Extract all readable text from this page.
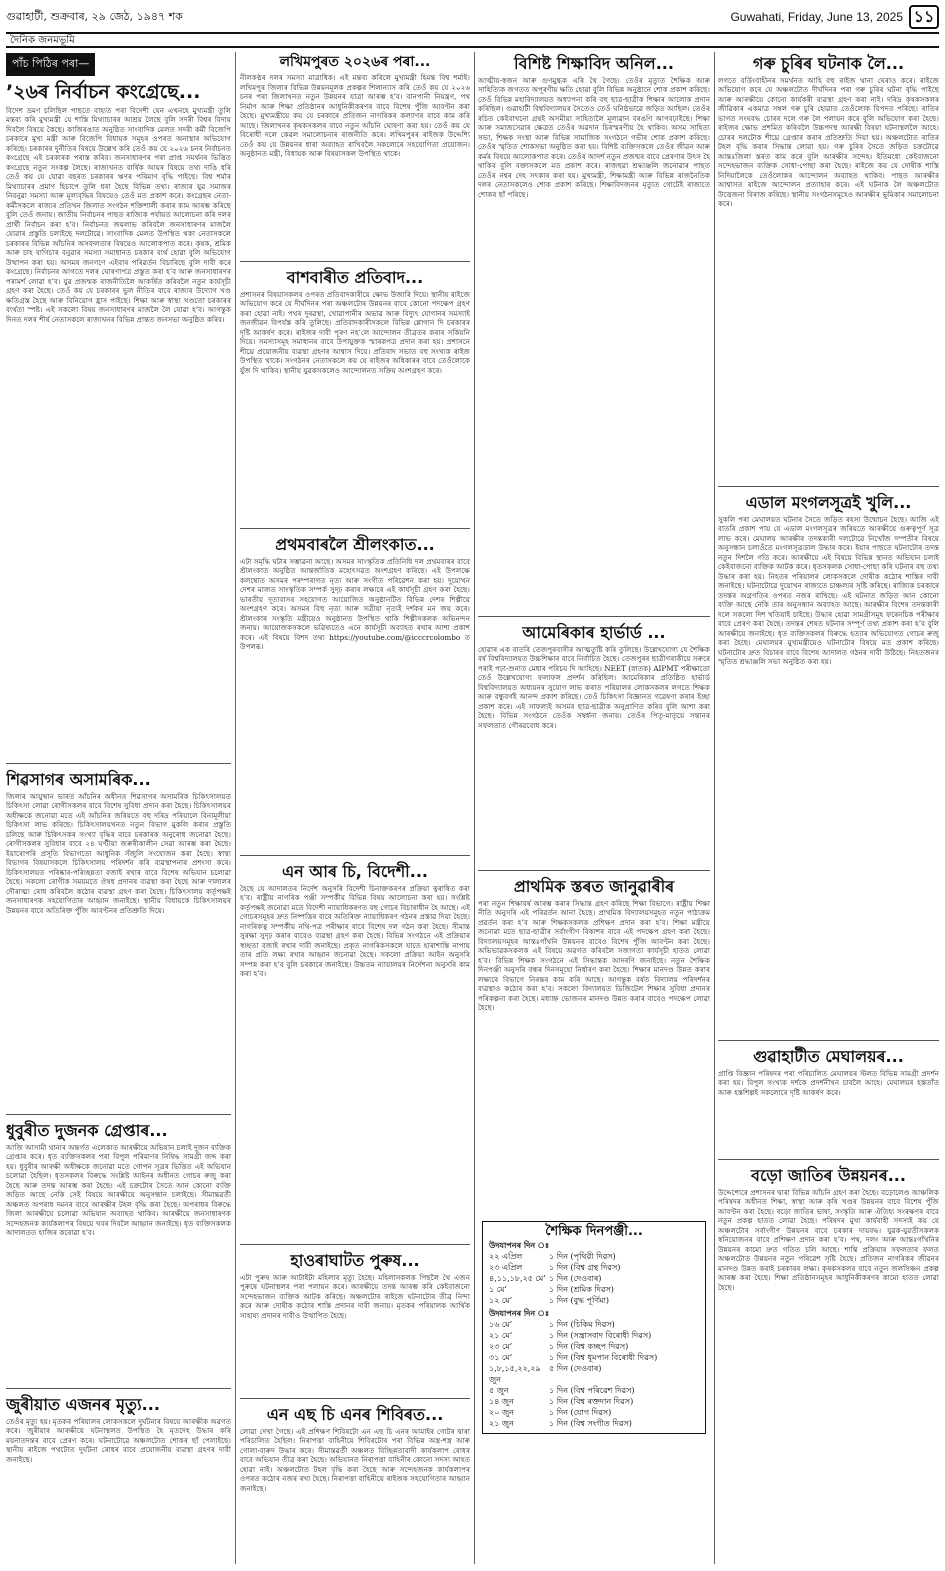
গুৱাহাটী, শুক্ৰবাৰ, ২৯ জেঠ, ১৯৪৭ শক	Guwahati, Friday, June 13, 2025 ১১
দৈনিক জনমভূমি
পাঁচ পিঠিৰ পৰা—
’২৬ৰ নিৰ্বাচন কংগ্ৰেছে...
বিদেশ ভ্ৰমণ চলিছিল পাছতে বাহ্যত পৰা বিদেশী যেন এখনহে মুখ্যমন্ত্ৰী তুলি মন্তব্য কৰি মুখ্যমন্ত্ৰী যে শাস্তি মিথ্যাচাৰৰ আশ্ৰয় লৈছে বুলি সদৰী বিশ্বৰ বিদায় দিবলৈ বিষয়ে কৈছে। কাজিৰঙাত অনুষ্ঠিত সাংবাদিক মেলত সদৰী কৰ্মী বিজেপি চৰকাৰে মুখ্য মন্ত্ৰী আৰু বিজেপি বিধায়ক সমূহৰ ওপৰত অনাস্থাৰ অভিযোগ কৰিছে। চৰকাৰৰ দুৰ্নীতিৰ বিষয়ে উল্লেখ কৰি তেওঁ কয় যে ২০২৬ চনৰ নিৰ্বাচনত কংগ্ৰেছে এই চৰকাৰক পৰাস্ত কৰিব। জনসাধাৰণৰ পৰা প্ৰাপ্ত সমৰ্থনৰ ভিত্তিত কংগ্ৰেছে নতুন সংকল্প লৈছে। ৰাজ্যখনত বাৰ্ষিক আয়ৰ বিষয়ে তথ্য দাঙি ধৰি তেওঁ কয় যে যোৱা বছৰত চৰকাৰৰ ঋণৰ পৰিমাণ বৃদ্ধি পাইছে। বিশ্ব শৰ্মাৰ মিথ্যাচাৰৰ প্ৰমাণ হিচাপে তুলি ধৰা হৈছে বিভিন্ন তথ্য। ৰাজ্যৰ যুৱ সমাজৰ নিবনুৱা সমস্যা আৰু মূল্যবৃদ্ধিৰ বিষয়েও তেওঁ মত প্ৰকাশ কৰে। কংগ্ৰেছৰ নেতা-কৰ্মীসকলে ৰাজ্যৰ প্ৰতিখন জিলাত সংগঠন শক্তিশালী কৰাৰ কাম আৰম্ভ কৰিছে বুলি তেওঁ জনায়। জাতীয় নিৰ্বাচনৰ পাছত ৰাজ্যিক পৰ্যায়ত আলোচনা কৰি দলৰ প্ৰাৰ্থী নিৰ্বাচন কৰা হ’ব। নিৰ্বাচনত জয়লাভ কৰিবলৈ জনসাধাৰণৰ মাজলৈ যোৱাৰ প্ৰস্তুতি চলাইছে দলটোৱে। সাংবাদিক মেলত উপস্থিত থকা নেতাসকলে চৰকাৰৰ বিভিন্ন আঁচনিৰ অসফলতাৰ বিষয়েও আলোকপাত কৰে। কৃষক, শ্ৰমিক আৰু চাহ বাগিচাৰ বনুৱাৰ সমস্যা সমাধানত চৰকাৰ ব্যৰ্থ হোৱা বুলি অভিযোগ উত্থাপন কৰা হয়। অসমৰ জনগণে এইবাৰ পৰিৱৰ্তন বিচাৰিছে বুলি দাবী কৰে কংগ্ৰেছে। নিৰ্বাচনৰ আগতে দলৰ ঘোষণাপত্ৰ প্ৰস্তুত কৰা হ’ব আৰু জনসাধাৰণৰ পৰামৰ্শ লোৱা হ’ব। যুৱ প্ৰজন্মক ৰাজনীতিলৈ আকৰ্ষিত কৰিবলৈ নতুন কাৰ্যসূচী গ্ৰহণ কৰা হৈছে। তেওঁ কয় যে চৰকাৰৰ ভুল নীতিৰ বাবে ৰাজ্যৰ উদ্যোগ খণ্ড ক্ষতিগ্ৰস্ত হৈছে আৰু বিনিয়োগ হ্ৰাস পাইছে। শিক্ষা আৰু স্বাস্থ্য খণ্ডতো চৰকাৰৰ ব্যৰ্থতা স্পষ্ট। এই সকলো বিষয় জনসাধাৰণৰ মাজলৈ লৈ যোৱা হ’ব। আগন্তুক দিনত দলৰ শীৰ্ষ নেতাসকলে ৰাজ্যখনৰ বিভিন্ন প্ৰান্তত জনসভা অনুষ্ঠিত কৰিব।
শিৱসাগৰ অসামৰিক...
জিলাৰ আয়ুষ্মান ভাৰত আঁচনিৰ অধীনত শিৱসাগৰ অসামৰিক চিকিৎসালয়ত চিকিৎসা লোৱা ৰোগীসকলৰ বাবে বিশেষ সুবিধা প্ৰদান কৰা হৈছে। চিকিৎসালয়ৰ অধীক্ষকে জনোৱা মতে এই আঁচনিৰ জৰিয়তে বহু দৰিদ্ৰ পৰিয়ালে বিনামূলীয়া চিকিৎসা লাভ কৰিছে। চিকিৎসালয়খনত নতুন বিভাগ মুকলি কৰাৰ প্ৰস্তুতি চলিছে আৰু চিকিৎসকৰ সংখ্যা বৃদ্ধিৰ বাবে চৰকাৰক অনুৰোধ জনোৱা হৈছে। ৰোগীসকলৰ সুবিধাৰ বাবে ২৪ ঘণ্টীয়া জৰুৰীকালীন সেৱা আৰম্ভ কৰা হৈছে। ইয়াৰোপৰি প্ৰসূতি বিভাগতো আধুনিক সঁজুলি সংযোজন কৰা হৈছে। স্বাস্থ্য বিভাগৰ বিষয়াসকলে চিকিৎসালয় পৰিদৰ্শন কৰি ব্যৱস্থাপনাৰ প্ৰশংসা কৰে। চিকিৎসালয়ত পৰিষ্কাৰ-পৰিচ্ছন্নতা বজাই ৰখাৰ বাবে বিশেষ অভিযান চলোৱা হৈছে। সকলো ৰোগীক সময়মতে ঔষধ প্ৰদানৰ ব্যৱস্থা কৰা হৈছে আৰু দালালৰ দৌৰাত্ম্য ৰোধ কৰিবলৈ কঠোৰ ব্যৱস্থা গ্ৰহণ কৰা হৈছে। চিকিৎসালয় কৰ্তৃপক্ষই জনসাধাৰণক সহযোগিতাৰ আহ্বান জনাইছে। স্থানীয় বিধায়কে চিকিৎসালয়ৰ উন্নয়নৰ বাবে অতিৰিক্ত পুঁজি আবণ্টনৰ প্ৰতিশ্ৰুতি দিয়ে।
ধুবুৰীত দুজনক গ্ৰেপ্তাৰ...
আজি আসামী থানাৰ অন্তৰ্গত এলেকাত আৰক্ষীয়ে অভিযান চলাই দুজন ব্যক্তিক গ্ৰেপ্তাৰ কৰে। ধৃত ব্যক্তিসকলৰ পৰা বিপুল পৰিমাণৰ নিষিদ্ধ সামগ্ৰী জব্দ কৰা হয়। ধুবুৰীৰ আৰক্ষী অধীক্ষকে জনোৱা মতে গোপন সূত্ৰৰ ভিত্তিত এই অভিযান চলোৱা হৈছিল। ধৃতসকলৰ বিৰুদ্ধে সংশ্লিষ্ট আইনৰ অধীনত গোচৰ ৰুজু কৰা হৈছে আৰু তদন্ত আৰম্ভ কৰা হৈছে। এই চক্ৰটোৰ সৈতে আন কোনো ব্যক্তি জড়িত আছে নেকি সেই বিষয়ে আৰক্ষীয়ে অনুসন্ধান চলাইছে। সীমান্তৱৰ্তী অঞ্চলত অপৰাধ দমনৰ বাবে আৰক্ষীৰ টহল বৃদ্ধি কৰা হৈছে। অপৰাধৰ বিৰুদ্ধে জিলা আৰক্ষীয়ে চলোৱা অভিযান অব্যাহত থাকিব। আৰক্ষীয়ে জনসাধাৰণক সন্দেহজনক কাৰ্যকলাপৰ বিষয়ে খবৰ দিবলৈ আহ্বান জনাইছে। ধৃত ব্যক্তিসকলক আদালতত হাজিৰ কৰোৱা হ’ব।
জুৰীয়াত এজনৰ মৃত্যু...
তেওঁৰ মৃত্যু হয়। মৃতকৰ পৰিয়ালৰ লোকসকলে দুৰ্ঘটনাৰ বিষয়ে আৰক্ষীক অৱগত কৰে। জুৰীয়াৰ আৰক্ষীয়ে ঘটনাস্থলত উপস্থিত হৈ মৃতদেহ উদ্ধাৰ কৰি ময়নাতদন্তৰ বাবে প্ৰেৰণ কৰে। ঘটনাটোৱে অঞ্চলটোত শোকৰ ছাঁ পেলাইছে। স্থানীয় ৰাইজে পথটোত দুৰ্ঘটনা ৰোধৰ বাবে প্ৰয়োজনীয় ব্যৱস্থা গ্ৰহণৰ দাবী জনাইছে।
লখিমপুৰত ২০২৬ৰ পৰা...
নীলকণ্ঠৰ দলৰ সমস্যা মাত্ৰাধিক। এই মন্তব্য কৰিলে মুখ্যমন্ত্ৰী হিমন্ত বিশ্ব শৰ্মাই। লখিমপুৰ জিলাৰ বিভিন্ন উন্নয়নমূলক প্ৰকল্পৰ শিলান্যাস কৰি তেওঁ কয় যে ২০২৬ চনৰ পৰা জিলাখনত নতুন উন্নয়নৰ যাত্ৰা আৰম্ভ হ’ব। বানপানী নিয়ন্ত্ৰণ, পথ নিৰ্মাণ আৰু শিক্ষা প্ৰতিষ্ঠানৰ আধুনিকীকৰণৰ বাবে বিশেষ পুঁজি আবণ্টন কৰা হৈছে। মুখ্যমন্ত্ৰীয়ে কয় যে চৰকাৰে প্ৰতিজন নাগৰিকৰ কল্যাণৰ বাবে কাম কৰি আছে। জিলাখনৰ কৃষকসকলৰ বাবে নতুন আঁচনি ঘোষণা কৰা হয়। তেওঁ কয় যে বিৰোধী দলে কেৱল সমালোচনাৰ ৰাজনীতি কৰে। লখিমপুৰৰ ৰাইজক উদ্দেশ্যি তেওঁ কয় যে উন্নয়নৰ ধাৰা অব্যাহত ৰাখিবলৈ সকলোৰে সহযোগিতা প্ৰয়োজন। অনুষ্ঠানত মন্ত্ৰী, বিধায়ক আৰু বিষয়াসকল উপস্থিত থাকে।
বাশবাৰীত প্ৰতিবাদ...
প্ৰশাসনৰ বিষয়াসকলৰ ওপৰত প্ৰতিবাদকাৰীয়ে ক্ষোভ উজাৰি দিয়ে। স্থানীয় ৰাইজে অভিযোগ কৰে যে দীৰ্ঘদিনৰ পৰা অঞ্চলটোৰ উন্নয়নৰ বাবে কোনো পদক্ষেপ গ্ৰহণ কৰা হোৱা নাই। পথৰ দুৰৱস্থা, খোৱাপানীৰ অভাৱ আৰু বিদ্যুৎ যোগানৰ সমস্যাই জনজীৱন বিপৰ্যস্ত কৰি তুলিছে। প্ৰতিবাদকাৰীসকলে বিভিন্ন শ্লোগান দি চৰকাৰৰ দৃষ্টি আকৰ্ষণ কৰে। ৰাইজৰ দাবী পূৰণ নহ’লে আন্দোলন তীব্ৰতৰ কৰাৰ সকিয়নি দিয়ে। সমস্যাসমূহ সমাধানৰ বাবে উপায়ুক্তক স্মাৰকপত্ৰ প্ৰদান কৰা হয়। প্ৰশাসনে শীঘ্ৰে প্ৰয়োজনীয় ব্যৱস্থা গ্ৰহণৰ আশ্বাস দিয়ে। প্ৰতিবাদ সভাত বহু সংখ্যক ৰাইজ উপস্থিত থাকে। সংগঠনৰ নেতাসকলে কয় যে ৰাইজৰ অধিকাৰৰ বাবে তেওঁলোকে যুঁজ দি থাকিব। স্থানীয় যুৱকসকলেও আন্দোলনত সক্ৰিয় অংশগ্ৰহণ কৰে।
প্ৰথমবাৰলৈ শ্ৰীলংকাত...
এটা সমৃদ্ধি ঘটাৰ সম্ভাৱনা আছে। অসমৰ সাংস্কৃতিক প্ৰতিনিধি দল প্ৰথমবাৰৰ বাবে শ্ৰীলংকাত অনুষ্ঠিত আন্তৰ্জাতিক মহোৎসৱত অংশগ্ৰহণ কৰিছে। এই উপলক্ষে কলম্বোত অসমৰ পৰম্পৰাগত নৃত্য আৰু সংগীত পৰিৱেশন কৰা হয়। দুয়োখন দেশৰ মাজত সাংস্কৃতিক সম্পৰ্ক সুদৃঢ় কৰাৰ লক্ষ্যৰে এই কাৰ্যসূচী গ্ৰহণ কৰা হৈছে। ভাৰতীয় দূতাবাসৰ সহযোগত আয়োজিত অনুষ্ঠানটিত বিভিন্ন দেশৰ শিল্পীয়ে অংশগ্ৰহণ কৰে। অসমৰ বিহু নৃত্য আৰু সত্ৰীয়া নৃত্যই দৰ্শকৰ মন জয় কৰে। শ্ৰীলংকাৰ সংস্কৃতি মন্ত্ৰীয়েও অনুষ্ঠানত উপস্থিত থাকি শিল্পীসকলক অভিনন্দন জনায়। আয়োজকসকলে ভৱিষ্যতেও এনে কাৰ্যসূচী অব্যাহত ৰখাৰ আশা প্ৰকাশ কৰে। এই বিষয়ে বিশদ তথ্য https://youtube.com/@icccrcolombo ত উপলব্ধ।
এন আৰ চি, বিদেশী...
হৈছে যে আদালতৰ নিৰ্দেশ অনুসৰি বিদেশী চিনাক্তকৰণৰ প্ৰক্ৰিয়া ত্বৰান্বিত কৰা হ’ব। ৰাষ্ট্ৰীয় নাগৰিক পঞ্জী সম্পৰ্কীয় বিভিন্ন বিষয় আলোচনা কৰা হয়। সংশ্লিষ্ট কৰ্তৃপক্ষই জনোৱা মতে বিদেশী ন্যায়াধিকৰণত বহু গোচৰ বিচাৰাধীন হৈ আছে। এই গোচৰসমূহৰ দ্ৰুত নিষ্পত্তিৰ বাবে অতিৰিক্ত ন্যায়াধিকৰণ গঠনৰ প্ৰস্তাৱ দিয়া হৈছে। নাগৰিকত্ব সম্পৰ্কীয় নথি-পত্ৰ পৰীক্ষাৰ বাবে বিশেষ দল গঠন কৰা হৈছে। সীমান্ত সুৰক্ষা সুদৃঢ় কৰাৰ বাবেও ব্যৱস্থা গ্ৰহণ কৰা হৈছে। বিভিন্ন সংগঠনে এই প্ৰক্ৰিয়াৰ স্বচ্ছতা বজাই ৰখাৰ দাবী জনাইছে। প্ৰকৃত নাগৰিকসকলে যাতে হাৰাশাস্তি নাপায় তাৰ প্ৰতি লক্ষ্য ৰখাৰ আহ্বান জনোৱা হৈছে। সকলো প্ৰক্ৰিয়া আইন অনুসৰি সম্পন্ন কৰা হ’ব বুলি চৰকাৰে জনাইছে। উচ্চতম ন্যায়ালয়ৰ নিৰ্দেশনা অনুসৰি কাম কৰা হ’ব।
হাওৰাঘাটত পুৰুষ...
এটা পুৰুষ আৰু আটাইটা মহিলাৰ মৃত্যু হৈছে। মহিলাসকলক পিছলৈ থৈ এজন পুৰুষে ঘটনাস্থলৰ পৰা পলায়ন কৰে। আৰক্ষীয়ে তদন্ত আৰম্ভ কৰি কেইবাজনো সন্দেহভাজন ব্যক্তিক আটক কৰিছে। অঞ্চলটোৰ ৰাইজে ঘটনাটোৰ তীব্ৰ নিন্দা কৰে আৰু দোষীক কঠোৰ শাস্তি প্ৰদানৰ দাবী জনায়। মৃতকৰ পৰিয়ালক আৰ্থিক সাহায্য প্ৰদানৰ দাবীও উত্থাপিত হৈছে।
এন এছ চি এনৰ শিবিৰত...
লোৱা দেখা গৈছে। এই প্ৰশিক্ষণ শিবিৰটো এন এছ চি এনৰ আমাইৰ গোটৰ দ্বাৰা পৰিচালিত হৈছিল। নিৰাপত্তা বাহিনীয়ে শিবিৰটোৰ পৰা বিভিন্ন অস্ত্ৰ-শস্ত্ৰ আৰু গোলা-বাৰুদ উদ্ধাৰ কৰে। সীমান্তৱৰ্তী অঞ্চলত বিচ্ছিন্নতাবাদী কাৰ্যকলাপ ৰোধৰ বাবে অভিযান তীব্ৰ কৰা হৈছে। অভিযানত নিৰাপত্তা বাহিনীৰ কোনো সদস্য আহত হোৱা নাই। অঞ্চলটোত টহল বৃদ্ধি কৰা হৈছে আৰু সন্দেহজনক কাৰ্যকলাপৰ ওপৰত কঠোৰ নজৰ ৰখা হৈছে। নিৰাপত্তা বাহিনীয়ে ৰাইজক সহযোগিতাৰ আহ্বান জনাইছে।
বিশিষ্ট শিক্ষাবিদ অনিল...
আত্মীয়-স্বজন আৰু গুণমুগ্ধক এৰি থৈ গৈছে। তেওঁৰ মৃত্যুত শৈক্ষিক আৰু সাহিত্যিক জগতত অপূৰণীয় ক্ষতি হোৱা বুলি বিভিন্ন অনুষ্ঠানে শোক প্ৰকাশ কৰিছে। তেওঁ বিভিন্ন মহাবিদ্যালয়ত অধ্যাপনা কৰি বহু ছাত্ৰ-ছাত্ৰীক শিক্ষাৰ আলোক প্ৰদান কৰিছিল। গুৱাহাটী বিশ্ববিদ্যালয়ৰ সৈতেও তেওঁ ঘনিষ্ঠভাৱে জড়িত আছিল। তেওঁৰ ৰচিত কেইবাখনো গ্ৰন্থই অসমীয়া সাহিত্যলৈ মূল্যৱান বৰঙণি আগবঢ়াইছে। শিক্ষা আৰু সমাজসেৱাৰ ক্ষেত্ৰত তেওঁৰ অৱদান চিৰস্মৰণীয় হৈ থাকিব। অসম সাহিত্য সভা, শিক্ষক সংস্থা আৰু বিভিন্ন সামাজিক সংগঠনে গভীৰ শোক প্ৰকাশ কৰিছে। তেওঁৰ স্মৃতিত শোকসভা অনুষ্ঠিত কৰা হয়। বিশিষ্ট ব্যক্তিসকলে তেওঁৰ জীৱন আৰু কৰ্মৰ বিষয়ে আলোকপাত কৰে। তেওঁৰ আদৰ্শ নতুন প্ৰজন্মৰ বাবে প্ৰেৰণাৰ উৎস হৈ থাকিব বুলি বক্তাসকলে মত প্ৰকাশ কৰে। ৰাজহুৱা শ্ৰদ্ধাঞ্জলি জনোৱাৰ পাছত তেওঁৰ নশ্বৰ দেহ সৎকাৰ কৰা হয়। মুখ্যমন্ত্ৰী, শিক্ষামন্ত্ৰী আৰু বিভিন্ন ৰাজনৈতিক দলৰ নেতাসকলেও শোক প্ৰকাশ কৰিছে। শিক্ষাবিদজনৰ মৃত্যুত গোটেই ৰাজ্যতে শোকৰ ছাঁ পৰিছে।
আমেৰিকাৰ হাৰ্ভাৰ্ড ...
হোৱাৰ এক বাতৰি তেজপুৰবাসীৰ আত্মতুষ্টি কৰি তুলিছে। উল্লেখযোগ্য যে শৈক্ষিক বৰ্ষ বিশ্ববিদ্যালয়ত উচ্চশিক্ষাৰ বাবে নিৰ্বাচিত হৈছে। তেজপুৰৰ ছাত্ৰীগৰাকীয়ে সৰুৰে পৰাই পঢ়া-শুনাত মেধাৰ পৰিচয় দি আহিছে। NEET (স্নাতক) AIPMT পৰীক্ষাতো তেওঁ উল্লেখযোগ্য ফলাফল প্ৰদৰ্শন কৰিছিল। আমেৰিকাৰ প্ৰতিষ্ঠিত হাৰ্ভাৰ্ড বিশ্ববিদ্যালয়ত অধ্যয়নৰ সুযোগ লাভ কৰাত পৰিয়ালৰ লোকসকলৰ লগতে শিক্ষক আৰু বন্ধুবৰ্গই আনন্দ প্ৰকাশ কৰিছে। তেওঁ চিকিৎসা বিজ্ঞানত গৱেষণা কৰাৰ ইচ্ছা প্ৰকাশ কৰে। এই সাফল্যই অসমৰ ছাত্ৰ-ছাত্ৰীক অনুপ্ৰাণিত কৰিব বুলি আশা কৰা হৈছে। বিভিন্ন সংগঠনে তেওঁক সম্বৰ্ধনা জনায়। তেওঁৰ পিতৃ-মাতৃয়ে সন্তানৰ সফলতাত গৌৰৱবোধ কৰে।
প্ৰাথমিক স্তৰত জানুৱাৰীৰ
পৰা নতুন শিক্ষাবৰ্ষ আৰম্ভ কৰাৰ সিদ্ধান্ত গ্ৰহণ কৰিছে শিক্ষা বিভাগে। ৰাষ্ট্ৰীয় শিক্ষা নীতি অনুসৰি এই পৰিৱৰ্তন আনা হৈছে। প্ৰাথমিক বিদ্যালয়সমূহত নতুন পাঠ্যক্ৰম প্ৰৱৰ্তন কৰা হ’ব আৰু শিক্ষকসকলক প্ৰশিক্ষণ প্ৰদান কৰা হ’ব। শিক্ষা মন্ত্ৰীয়ে জনোৱা মতে ছাত্ৰ-ছাত্ৰীৰ সৰ্বাংগীণ বিকাশৰ বাবে এই পদক্ষেপ গ্ৰহণ কৰা হৈছে। বিদ্যালয়সমূহৰ আন্তঃগাঁথনি উন্নয়নৰ বাবেও বিশেষ পুঁজি আবণ্টন কৰা হৈছে। অভিভাৱকসকলক এই বিষয়ে অৱগত কৰিবলৈ সজাগতা কাৰ্যসূচী হাতত লোৱা হ’ব। বিভিন্ন শিক্ষক সংগঠনে এই সিদ্ধান্তক আদৰণি জনাইছে। নতুন শৈক্ষিক দিনপঞ্জী অনুসৰি বন্ধৰ দিনসমূহো নিৰ্ধাৰণ কৰা হৈছে। শিক্ষাৰ মানদণ্ড উন্নত কৰাৰ লক্ষ্যৰে বিভাগে নিৰন্তৰ কাম কৰি আছে। আগন্তুক বৰ্ষত বিদ্যালয় পৰিদৰ্শনৰ ব্যৱস্থাও কঠোৰ কৰা হ’ব। সকলো বিদ্যালয়ত ডিজিটেল শিক্ষাৰ সুবিধা প্ৰদানৰ পৰিকল্পনা কৰা হৈছে। মধ্যাহ্ন ভোজনৰ মানদণ্ড উন্নত কৰাৰ বাবেও পদক্ষেপ লোৱা হৈছে।
শৈক্ষিক দিনপঞ্জী...
উদযাপনৰ দিন ঃ
২২ এপ্ৰিল	১ দিন (পৃথিৱী দিৱস)
২৩ এপ্ৰিল	১ দিন (বিশ্ব গ্ৰন্থ দিৱস)
৪,১১,১৮,২৫ মে’ ১ দিন (দেওবাৰ)
১ মে’	১ দিন (শ্ৰমিক দিৱস)
১২ মে’	১ দিন (বুদ্ধ পূৰ্ণিমা)
উদযাপনৰ দিন ঃ
১৬ মে’	১ দিন (চিকিম দিৱস)
২১ মে’	১ দিন (সন্ত্ৰাসবাদ বিৰোধী দিৱস)
২৩ মে’	১ দিন (বিশ্ব কচ্ছপ দিৱস)
৩১ মে’	১ দিন (বিশ্ব ধূমপান বিৰোধী দিৱস)
১,৮,১৫,২২,২৯ জুন
৫ দিন (দেওবাৰ)
৫ জুন	১ দিন (বিশ্ব পৰিৱেশ দিৱস)
১৪ জুন	১ দিন (বিশ্ব ৰক্তদান দিৱস)
২০ জুন	১ দিন (যোগ দিৱস)
২১ জুন	১ দিন (বিশ্ব সংগীত দিৱস)
গৰু চুৰিৰ ঘটনাক লৈ...
লগতে বৰ্ডিংবাহীনৰ সমৰ্থনত আহি বহু ৰাইজ থানা ঘেৰাও কৰে। ৰাইজে অভিযোগ কৰে যে অঞ্চলটোত দীৰ্ঘদিনৰ পৰা গৰু চুৰিৰ ঘটনা বৃদ্ধি পাইছে আৰু আৰক্ষীয়ে কোনো কাৰ্যকৰী ব্যৱস্থা গ্ৰহণ কৰা নাই। দৰিদ্ৰ কৃষকসকলৰ জীৱিকাৰ একমাত্ৰ সম্বল গৰু চুৰি হোৱাত তেওঁলোক বিপদত পৰিছে। ৰাতিৰ ভাগত সংঘবদ্ধ চোৰৰ দলে গৰু লৈ পলায়ন কৰে বুলি অভিযোগ কৰা হৈছে। ৰাইজৰ ক্ষোভ প্ৰশমিত কৰিবলৈ উচ্চপদস্থ আৰক্ষী বিষয়া ঘটনাস্থললৈ আহে। চোৰৰ দলটোক শীঘ্ৰে গ্ৰেপ্তাৰ কৰাৰ প্ৰতিশ্ৰুতি দিয়া হয়। অঞ্চলটোত ৰাতিৰ টহল বৃদ্ধি কৰাৰ সিদ্ধান্ত লোৱা হয়। গৰু চুৰিৰ সৈতে জড়িত চক্ৰটোৱে আন্তঃজিলা স্তৰত কাম কৰে বুলি আৰক্ষীৰ সন্দেহ। ইতিমধ্যে কেইবাজনো সন্দেহভাজন ব্যক্তিক সোধা-পোছা কৰা হৈছে। ৰাইজে কয় যে দোষীক শাস্তি নিদিয়ালৈকে তেওঁলোকৰ আন্দোলন অব্যাহত থাকিব। পাছত আৰক্ষীৰ আশ্বাসত ৰাইজে আন্দোলন প্ৰত্যাহাৰ কৰে। এই ঘটনাক লৈ অঞ্চলটোত উত্তেজনা বিৰাজ কৰিছে। স্থানীয় সংগঠনসমূহেও আৰক্ষীৰ ভূমিকাৰ সমালোচনা কৰে।
এডাল মংগলসূত্ৰই খুলি...
সুকলি পৰা মেঘালয়ত ঘটনাৰ সৈতে জড়িত ৰহস্য উন্মোচন হৈছে। আজি এই বাতৰি প্ৰকাশ পায় যে এডাল মংগলসূত্ৰৰ জৰিয়তে আৰক্ষীয়ে গুৰুত্বপূৰ্ণ সূত্ৰ লাভ কৰে। মেঘালয় আৰক্ষীৰ তদন্তকাৰী দলটোৱে নিখোঁজ দম্পতীৰ বিষয়ে অনুসন্ধান চলাওঁতে মংগলসূত্ৰডাল উদ্ধাৰ কৰে। ইয়াৰ পাছতে ঘটনাটোৰ তদন্ত নতুন দিশলৈ গতি কৰে। আৰক্ষীয়ে এই বিষয়ে বিভিন্ন স্থানত অভিযান চলাই কেইবাজনো ব্যক্তিক আটক কৰে। ধৃতসকলক সোধা-পোছা কৰি ঘটনাৰ বহু তথ্য উদ্ধাৰ কৰা হয়। নিহতৰ পৰিয়ালৰ লোকসকলে দোষীক কঠোৰ শাস্তিৰ দাবী জনাইছে। ঘটনাটোৱে দুয়োখন ৰাজ্যতে চাঞ্চল্যৰ সৃষ্টি কৰিছে। ৰাজ্যিক চৰকাৰে তদন্তৰ অগ্ৰগতিৰ ওপৰত নজৰ ৰাখিছে। এই ঘটনাত জড়িত আন কোনো ব্যক্তি আছে নেকি তাৰ অনুসন্ধান অব্যাহত আছে। আৰক্ষীৰ বিশেষ তদন্তকাৰী দলে সকলো দিশ খতিয়াই চাইছে। উদ্ধাৰ হোৱা সামগ্ৰীসমূহ ফৰেনচিক পৰীক্ষাৰ বাবে প্ৰেৰণ কৰা হৈছে। তদন্তৰ শেষত ঘটনাৰ সম্পূৰ্ণ তথ্য প্ৰকাশ কৰা হ’ব বুলি আৰক্ষীয়ে জনাইছে। ধৃত ব্যক্তিসকলৰ বিৰুদ্ধে হত্যাৰ অভিযোগত গোচৰ ৰুজু কৰা হৈছে। মেঘালয়ৰ মুখ্যমন্ত্ৰীয়েও ঘটনাটোৰ বিষয়ে মত প্ৰকাশ কৰিছে। ঘটনাটোৰ দ্ৰুত বিচাৰৰ বাবে বিশেষ আদালত গঠনৰ দাবী উঠিছে। নিহতজনৰ স্মৃতিত শ্ৰদ্ধাঞ্জলি সভা অনুষ্ঠিত কৰা হয়।
গুৱাহাটীত মেঘালয়ৰ...
প্ৰাপ্তি বিজ্ঞান পৰিষদৰ পৰা পৰিচালিত মেঘালয়ৰ স্টলত বিভিন্ন সামগ্ৰী প্ৰদৰ্শন কৰা হয়। বিপুল সংখ্যক দৰ্শকে প্ৰদৰ্শনীখন চাবলৈ আহে। মেঘালয়ৰ হস্ততাঁত আৰু হস্তশিল্পই সকলোৰে দৃষ্টি আকৰ্ষণ কৰে।
বড়ো জাতিৰ উন্নয়নৰ...
উদ্দেশ্যেৰে প্ৰশাসনৰ দ্বাৰা বিভিন্ন আঁচনি গ্ৰহণ কৰা হৈছে। বড়োলেণ্ড আঞ্চলিক পৰিষদৰ অধীনত শিক্ষা, স্বাস্থ্য আৰু কৃষি খণ্ডৰ উন্নয়নৰ বাবে বিশেষ পুঁজি আবণ্টন কৰা হৈছে। বড়ো জাতিৰ ভাষা, সংস্কৃতি আৰু ঐতিহ্য সংৰক্ষণৰ বাবে নতুন প্ৰকল্প হাতত লোৱা হৈছে। পৰিষদৰ মুখ্য কাৰ্যবাহী সদস্যই কয় যে অঞ্চলটোৰ সৰ্বাংগীণ উন্নয়নৰ বাবে চৰকাৰ দায়বদ্ধ। যুৱক-যুৱতীসকলক স্বনিয়োজনৰ বাবে প্ৰশিক্ষণ প্ৰদান কৰা হ’ব। পথ, দলং আৰু আন্তঃগাঁথনিৰ উন্নয়নৰ কামো দ্ৰুত গতিত চলি আছে। শান্তি প্ৰক্ৰিয়াৰ সফলতাৰ ফলত অঞ্চলটোত উন্নয়নৰ নতুন পৰিৱেশ সৃষ্টি হৈছে। প্ৰতিজন নাগৰিকৰ জীৱনৰ মানদণ্ড উন্নত কৰাই চৰকাৰৰ লক্ষ্য। কৃষকসকলৰ বাবে নতুন জলসিঞ্চন প্ৰকল্প আৰম্ভ কৰা হৈছে। শিক্ষা প্ৰতিষ্ঠানসমূহৰ আধুনিকীকৰণৰ কামো হাতত লোৱা হৈছে।
